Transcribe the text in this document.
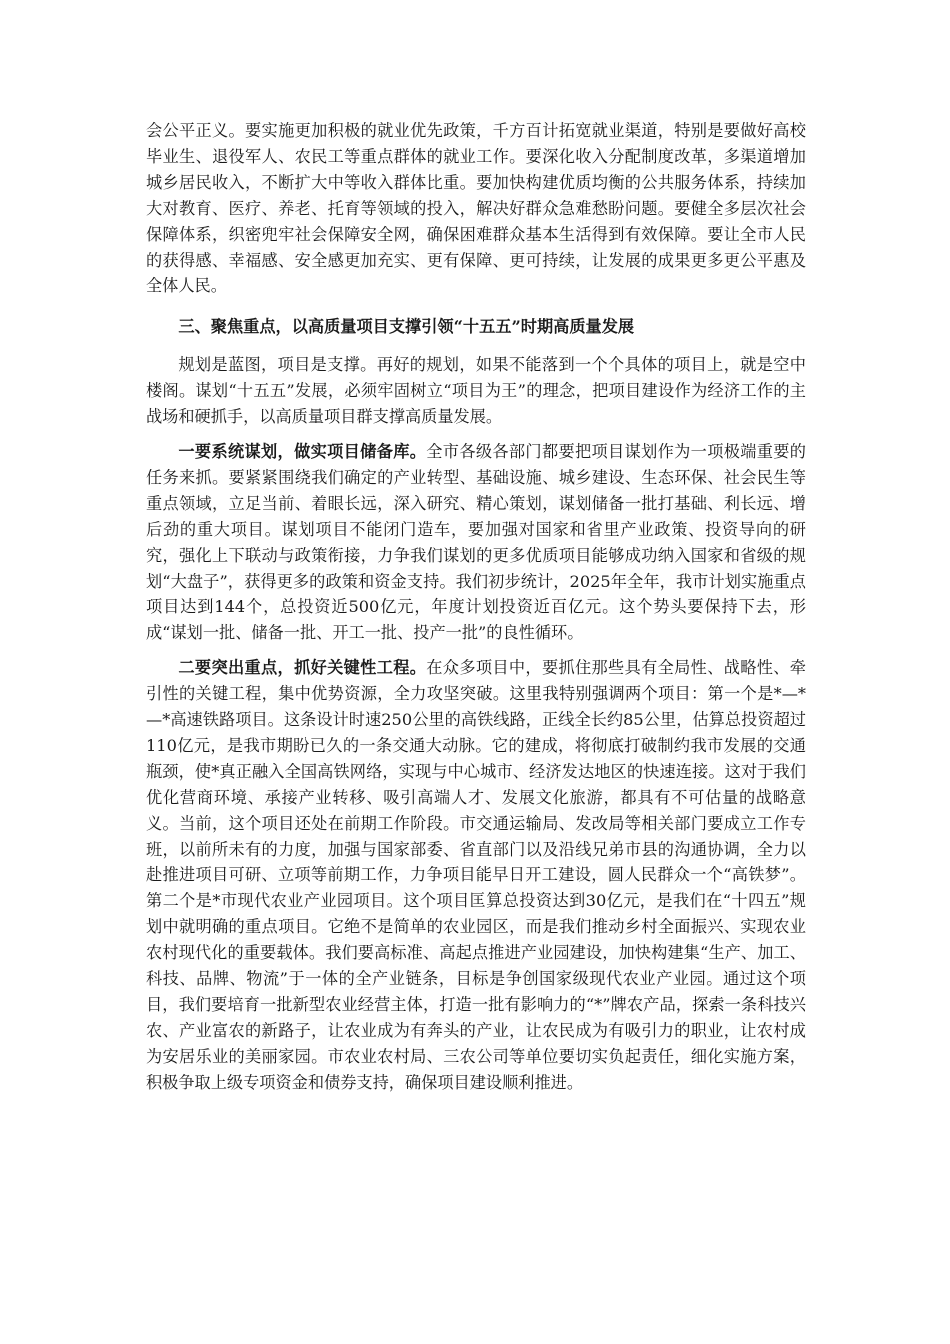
会公平正义。要实施更加积极的就业优先政策，千方百计拓宽就业渠道，特别是要做好高校毕业生、退役军人、农民工等重点群体的就业工作。要深化收入分配制度改革，多渠道增加城乡居民收入，不断扩大中等收入群体比重。要加快构建优质均衡的公共服务体系，持续加大对教育、医疗、养老、托育等领域的投入，解决好群众急难愁盼问题。要健全多层次社会保障体系，织密兜牢社会保障安全网，确保困难群众基本生活得到有效保障。要让全市人民的获得感、幸福感、安全感更加充实、更有保障、更可持续，让发展的成果更多更公平惠及全体人民。

三、聚焦重点，以高质量项目支撑引领“十五五”时期高质量发展

规划是蓝图，项目是支撑。再好的规划，如果不能落到一个个具体的项目上，就是空中楼阁。谋划“十五五”发展，必须牢固树立“项目为王”的理念，把项目建设作为经济工作的主战场和硬抓手，以高质量项目群支撑高质量发展。

一要系统谋划，做实项目储备库。全市各级各部门都要把项目谋划作为一项极端重要的任务来抓。要紧紧围绕我们确定的产业转型、基础设施、城乡建设、生态环保、社会民生等重点领域，立足当前、着眼长远，深入研究、精心策划，谋划储备一批打基础、利长远、增后劲的重大项目。谋划项目不能闭门造车，要加强对国家和省里产业政策、投资导向的研究，强化上下联动与政策衔接，力争我们谋划的更多优质项目能够成功纳入国家和省级的规划“大盘子”，获得更多的政策和资金支持。我们初步统计，2025年全年，我市计划实施重点项目达到144个，总投资近500亿元，年度计划投资近百亿元。这个势头要保持下去，形成“谋划一批、储备一批、开工一批、投产一批”的良性循环。

二要突出重点，抓好关键性工程。在众多项目中，要抓住那些具有全局性、战略性、牵引性的关键工程，集中优势资源，全力攻坚突破。这里我特别强调两个项目：第一个是*—*—*高速铁路项目。这条设计时速250公里的高铁线路，正线全长约85公里，估算总投资超过110亿元，是我市期盼已久的一条交通大动脉。它的建成，将彻底打破制约我市发展的交通瓶颈，使*真正融入全国高铁网络，实现与中心城市、经济发达地区的快速连接。这对于我们优化营商环境、承接产业转移、吸引高端人才、发展文化旅游，都具有不可估量的战略意义。当前，这个项目还处在前期工作阶段。市交通运输局、发改局等相关部门要成立工作专班，以前所未有的力度，加强与国家部委、省直部门以及沿线兄弟市县的沟通协调，全力以赴推进项目可研、立项等前期工作，力争项目能早日开工建设，圆人民群众一个“高铁梦”。第二个是*市现代农业产业园项目。这个项目匡算总投资达到30亿元，是我们在“十四五”规划中就明确的重点项目。它绝不是简单的农业园区，而是我们推动乡村全面振兴、实现农业农村现代化的重要载体。我们要高标准、高起点推进产业园建设，加快构建集“生产、加工、科技、品牌、物流”于一体的全产业链条，目标是争创国家级现代农业产业园。通过这个项目，我们要培育一批新型农业经营主体，打造一批有影响力的“*”牌农产品，探索一条科技兴农、产业富农的新路子，让农业成为有奔头的产业，让农民成为有吸引力的职业，让农村成为安居乐业的美丽家园。市农业农村局、三农公司等单位要切实负起责任，细化实施方案，积极争取上级专项资金和债券支持，确保项目建设顺利推进。
